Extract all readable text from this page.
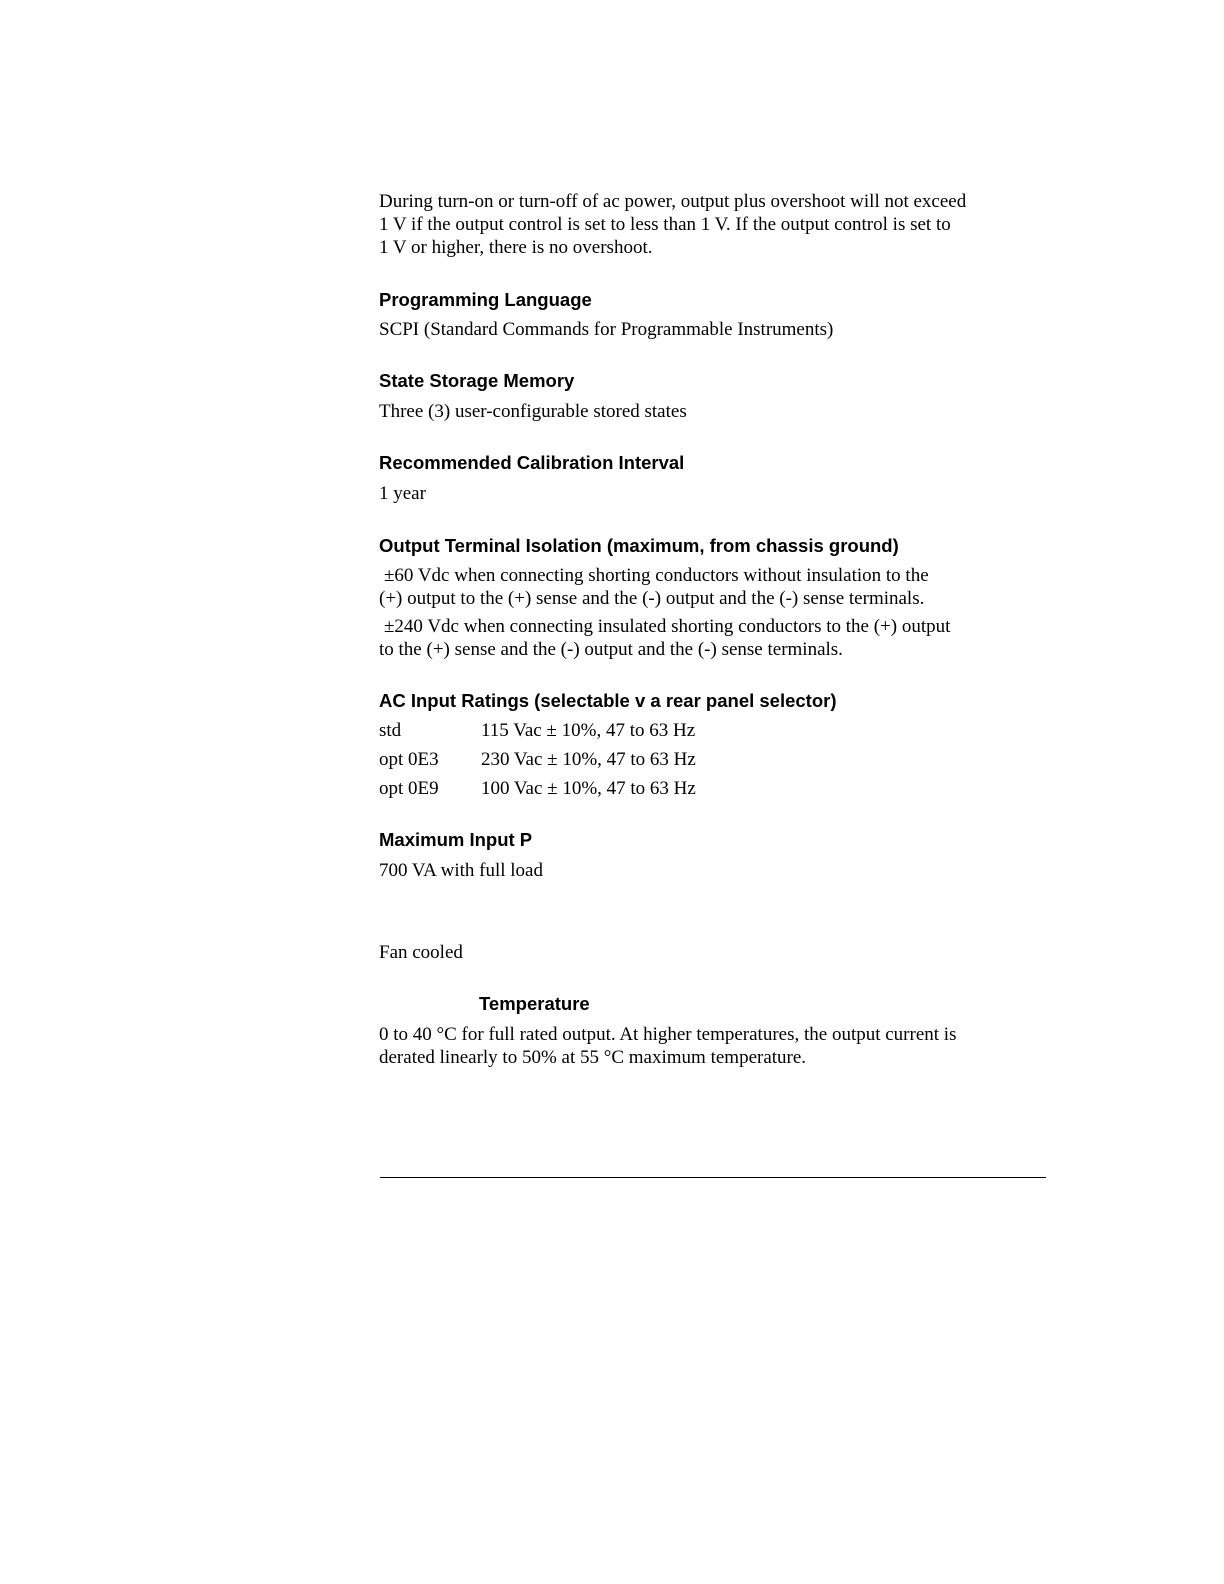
During turn-on or turn-off of ac power, output plus overshoot will not exceed

1 V if the output control is set to less than 1 V. If the output control is set to

1 V or higher, there is no overshoot.

Programming Language

SCPI (Standard Commands for Programmable Instruments)

State Storage Memory

Three (3) user-configurable stored states

Recommended Calibration Interval

1 year

Output Terminal Isolation (maximum, from chassis ground)

±60 Vdc when connecting shorting conductors without insulation to the

(+) output to the (+) sense and the (-) output and the (-) sense terminals.

±240 Vdc when connecting insulated shorting conductors to the (+) output

to the (+) sense and the (-) output and the (-) sense terminals.

AC Input Ratings (selectable v a rear panel selector)
std	115 Vac ± 10%, 47 to 63 Hz
opt 0E3	230 Vac ± 10%, 47 to 63 Hz
opt 0E9	100 Vac ± 10%, 47 to 63 Hz
Maximum Input P

700 VA with full load

Fan cooled

Temperature

0 to 40 °C for full rated output. At higher temperatures, the output current is

derated linearly to 50% at 55 °C maximum temperature.
